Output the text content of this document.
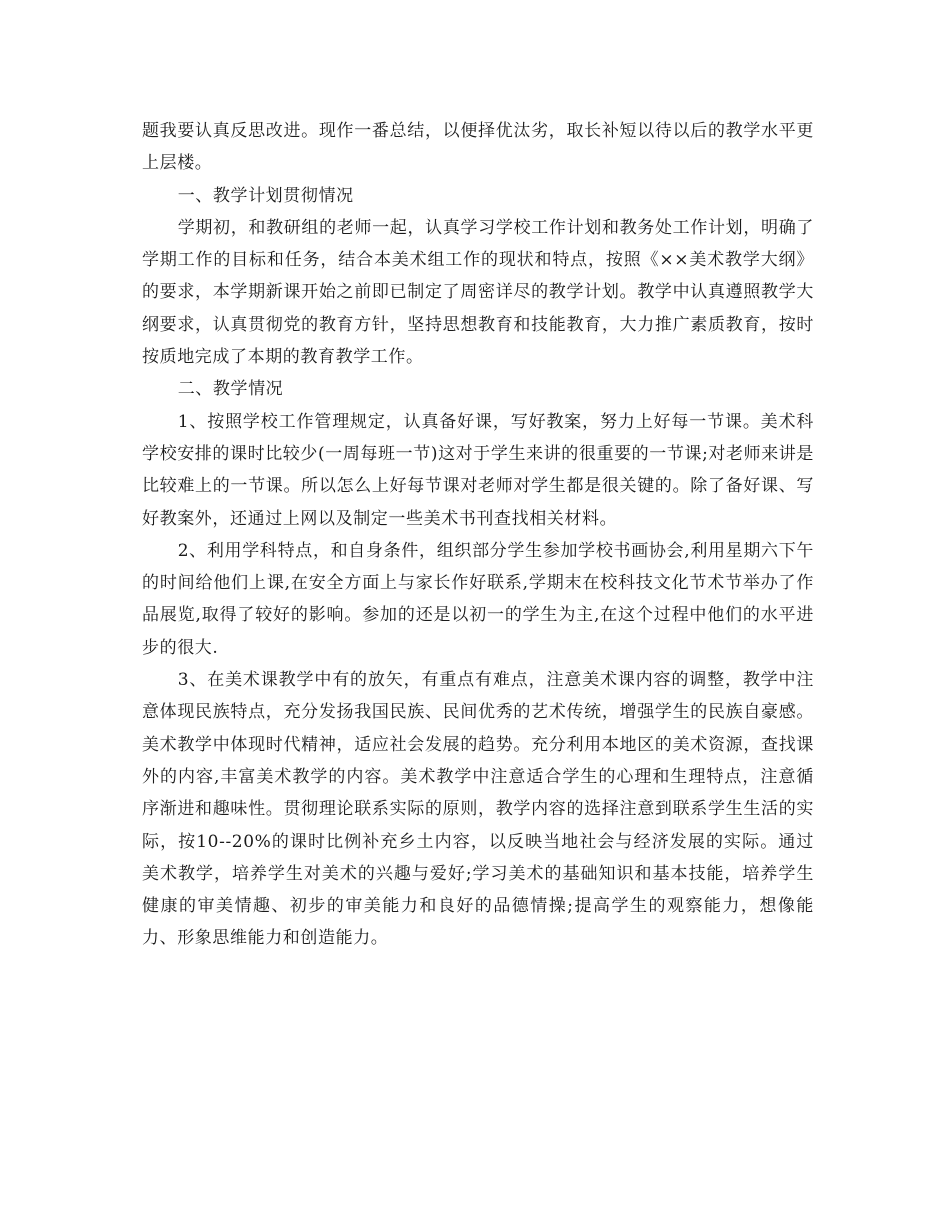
题我要认真反思改进。现作一番总结，以便择优汰劣，取长补短以待以后的教学水平更上层楼。

一、教学计划贯彻情况

学期初，和教研组的老师一起，认真学习学校工作计划和教务处工作计划，明确了学期工作的目标和任务，结合本美术组工作的现状和特点，按照《××美术教学大纲》的要求，本学期新课开始之前即已制定了周密详尽的教学计划。教学中认真遵照教学大纲要求，认真贯彻党的教育方针，坚持思想教育和技能教育，大力推广素质教育，按时按质地完成了本期的教育教学工作。

二、教学情况

1、按照学校工作管理规定，认真备好课，写好教案，努力上好每一节课。美术科学校安排的课时比较少(一周每班一节)这对于学生来讲的很重要的一节课;对老师来讲是比较难上的一节课。所以怎么上好每节课对老师对学生都是很关键的。除了备好课、写好教案外，还通过上网以及制定一些美术书刊查找相关材料。

2、利用学科特点，和自身条件，组织部分学生参加学校书画协会,利用星期六下午的时间给他们上课,在安全方面上与家长作好联系,学期末在校科技文化节术节举办了作品展览,取得了较好的影响。参加的还是以初一的学生为主,在这个过程中他们的水平进步的很大.

3、在美术课教学中有的放矢，有重点有难点，注意美术课内容的调整，教学中注意体现民族特点，充分发扬我国民族、民间优秀的艺术传统，增强学生的民族自豪感。美术教学中体现时代精神，适应社会发展的趋势。充分利用本地区的美术资源，查找课外的内容,丰富美术教学的内容。美术教学中注意适合学生的心理和生理特点，注意循序渐进和趣味性。贯彻理论联系实际的原则，教学内容的选择注意到联系学生生活的实际，按10--20%的课时比例补充乡土内容，以反映当地社会与经济发展的实际。通过美术教学，培养学生对美术的兴趣与爱好;学习美术的基础知识和基本技能，培养学生健康的审美情趣、初步的审美能力和良好的品德情操;提高学生的观察能力，想像能力、形象思维能力和创造能力。
